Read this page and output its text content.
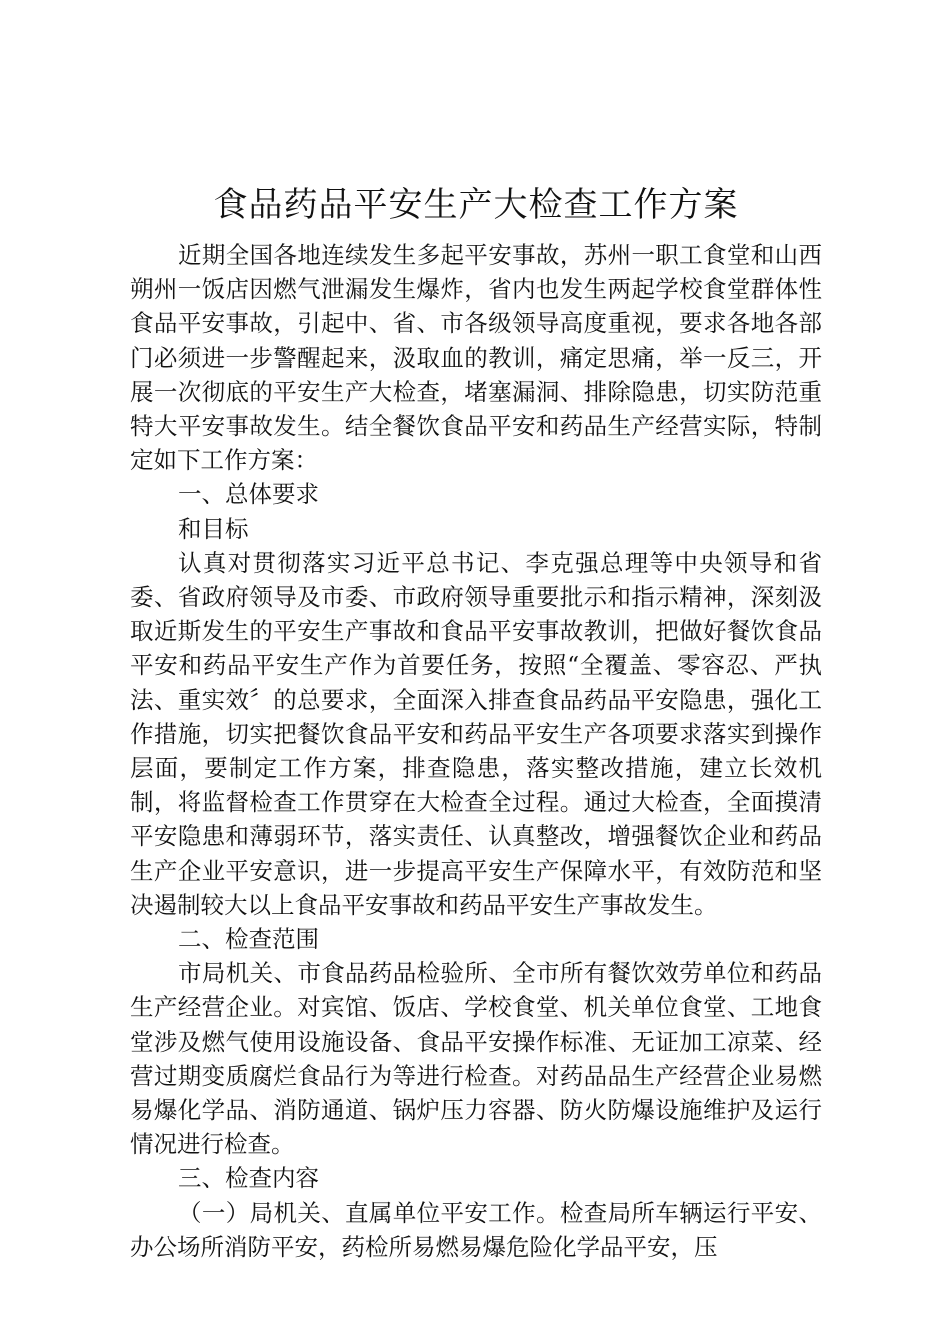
食品药品平安生产大检查工作方案

近期全国各地连续发生多起平安事故，苏州一职工食堂和山西朔州一饭店因燃气泄漏发生爆炸，省内也发生两起学校食堂群体性食品平安事故，引起中、省、市各级领导高度重视，要求各地各部门必须进一步警醒起来，汲取血的教训，痛定思痛，举一反三，开展一次彻底的平安生产大检查，堵塞漏洞、排除隐患，切实防范重特大平安事故发生。结全餐饮食品平安和药品生产经营实际，特制定如下工作方案：

一、总体要求

和目标

认真对贯彻落实习近平总书记、李克强总理等中央领导和省委、省政府领导及市委、市政府领导重要批示和指示精神，深刻汲取近斯发生的平安生产事故和食品平安事故教训，把做好餐饮食品平安和药品平安生产作为首要任务，按照“全覆盖、零容忍、严执法、重实效〞的总要求，全面深入排查食品药品平安隐患，强化工作措施，切实把餐饮食品平安和药品平安生产各项要求落实到操作层面，要制定工作方案，排查隐患，落实整改措施，建立长效机制，将监督检查工作贯穿在大检查全过程。通过大检查，全面摸清平安隐患和薄弱环节，落实责任、认真整改，增强餐饮企业和药品生产企业平安意识，进一步提高平安生产保障水平，有效防范和坚决遏制较大以上食品平安事故和药品平安生产事故发生。

二、检查范围

市局机关、市食品药品检验所、全市所有餐饮效劳单位和药品生产经营企业。对宾馆、饭店、学校食堂、机关单位食堂、工地食堂涉及燃气使用设施设备、食品平安操作标准、无证加工凉菜、经营过期变质腐烂食品行为等进行检查。对药品品生产经营企业易燃易爆化学品、消防通道、锅炉压力容器、防火防爆设施维护及运行情况进行检查。

三、检查内容

（一）局机关、直属单位平安工作。检查局所车辆运行平安、办公场所消防平安，药检所易燃易爆危险化学品平安，压
